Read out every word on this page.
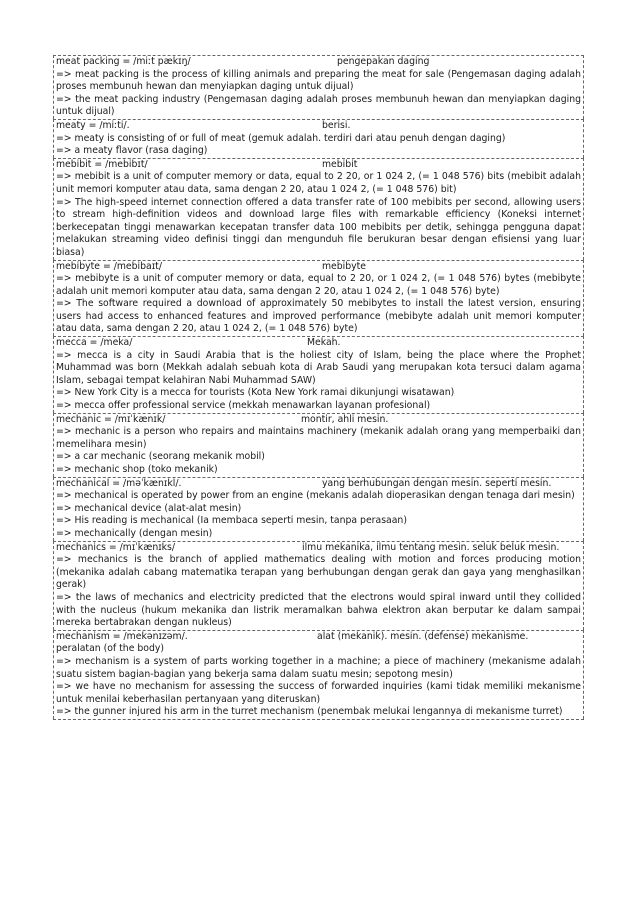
meat packing = /miːt pækɪŋ/	pengepakan daging
=> meat packing is the process of killing animals and preparing the meat for sale (Pengemasan daging adalah proses membunuh hewan dan menyiapkan daging untuk dijual)
=> the meat packing industry (Pengemasan daging adalah proses membunuh hewan dan menyiapkan daging untuk dijual)
meaty = /miːti/.	berisi.
=> meaty is consisting of or full of meat (gemuk adalah. terdiri dari atau penuh dengan daging)
=> a meaty flavor (rasa daging)
mebibit = /mebibɪt/	mebibit
=> mebibit is a unit of computer memory or data, equal to 2 20, or 1 024 2, (= 1 048 576) bits (mebibit adalah unit memori komputer atau data, sama dengan 2 20, atau 1 024 2, (= 1 048 576) bit)
=> The high-speed internet connection offered a data transfer rate of 100 mebibits per second, allowing users to stream high-definition videos and download large files with remarkable efficiency (Koneksi internet berkecepatan tinggi menawarkan kecepatan transfer data 100 mebibits per detik, sehingga pengguna dapat melakukan streaming video definisi tinggi dan mengunduh file berukuran besar dengan efisiensi yang luar biasa)
mebibyte = /mebibaɪt/	mebibyte
=> mebibyte is a unit of computer memory or data, equal to 2 20, or 1 024 2, (= 1 048 576) bytes (mebibyte adalah unit memori komputer atau data, sama dengan 2 20, atau 1 024 2, (= 1 048 576) byte)
=> The software required a download of approximately 50 mebibytes to install the latest version, ensuring users had access to enhanced features and improved performance (mebibyte adalah unit memori komputer atau data, sama dengan 2 20, atau 1 024 2, (= 1 048 576) byte)
mecca = /meka/	Mekah.
=> mecca is a city in Saudi Arabia that is the holiest city of Islam, being the place where the Prophet Muhammad was born (Mekkah adalah sebuah kota di Arab Saudi yang merupakan kota tersuci dalam agama Islam, sebagai tempat kelahiran Nabi Muhammad SAW)
=> New York City is a mecca for tourists (Kota New York ramai dikunjungi wisatawan)
=> mecca offer professional service (mekkah menawarkan layanan profesional)
mechanic = /mɪˈkænɪk/	montir, ahli mesin.
=> mechanic is a person who repairs and maintains machinery (mekanik adalah orang yang memperbaiki dan memelihara mesin)
=> a car mechanic (seorang mekanik mobil)
=> mechanic shop (toko mekanik)
mechanical = /məˈkænɪkl/.	yang berhubungan dengan mesin. seperti mesin.
=> mechanical is operated by power from an engine (mekanis adalah dioperasikan dengan tenaga dari mesin)
=> mechanical device (alat-alat mesin)
=> His reading is mechanical (Ia membaca seperti mesin, tanpa perasaan)
=> mechanically (dengan mesin)
mechanics = /mɪˈkænɪks/	ilmu mekanika, ilmu tentang mesin. seluk beluk mesin.
=> mechanics is the branch of applied mathematics dealing with motion and forces producing motion (mekanika adalah cabang matematika terapan yang berhubungan dengan gerak dan gaya yang menghasilkan gerak)
=> the laws of mechanics and electricity predicted that the electrons would spiral inward until they collided with the nucleus (hukum mekanika dan listrik meramalkan bahwa elektron akan berputar ke dalam sampai mereka bertabrakan dengan nukleus)
mechanism = /mekənɪzəm/.	alat (mekanik). mesin. (defense) mekanisme.
peralatan (of the body)
=> mechanism is a system of parts working together in a machine; a piece of machinery (mekanisme adalah suatu sistem bagian-bagian yang bekerja sama dalam suatu mesin; sepotong mesin)
=> we have no mechanism for assessing the success of forwarded inquiries (kami tidak memiliki mekanisme untuk menilai keberhasilan pertanyaan yang diteruskan)
=> the gunner injured his arm in the turret mechanism (penembak melukai lengannya di mekanisme turret)
